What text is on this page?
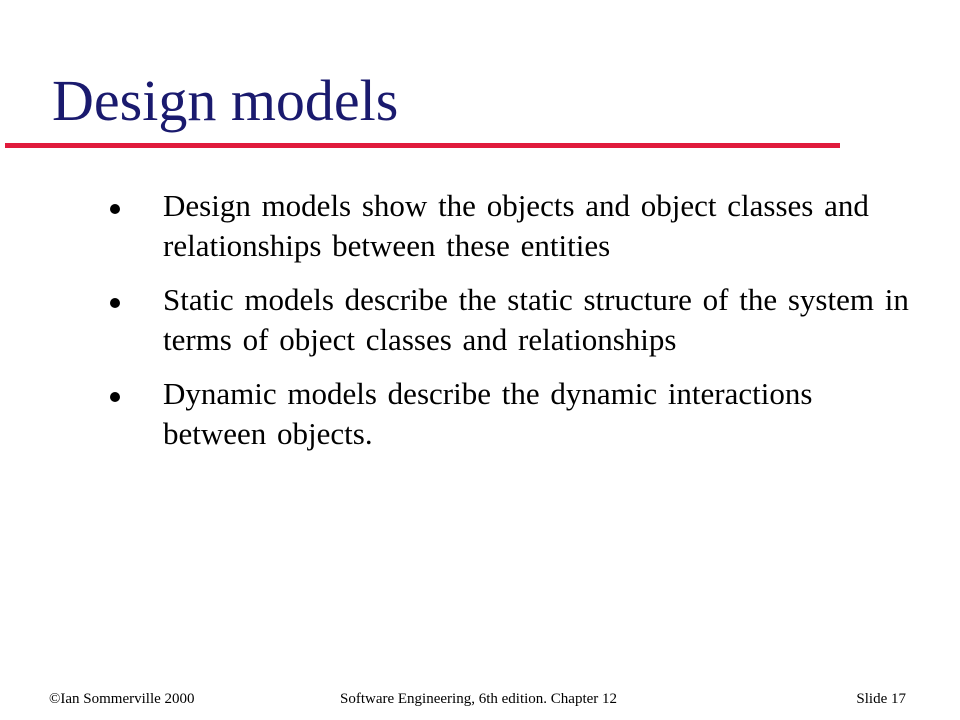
Design models
Design models show the objects and object classes and relationships between these entities
Static models describe the static structure of the system in terms of object classes and relationships
Dynamic models describe the dynamic interactions between objects.
©Ian Sommerville 2000	Software Engineering, 6th edition. Chapter 12	Slide 17
